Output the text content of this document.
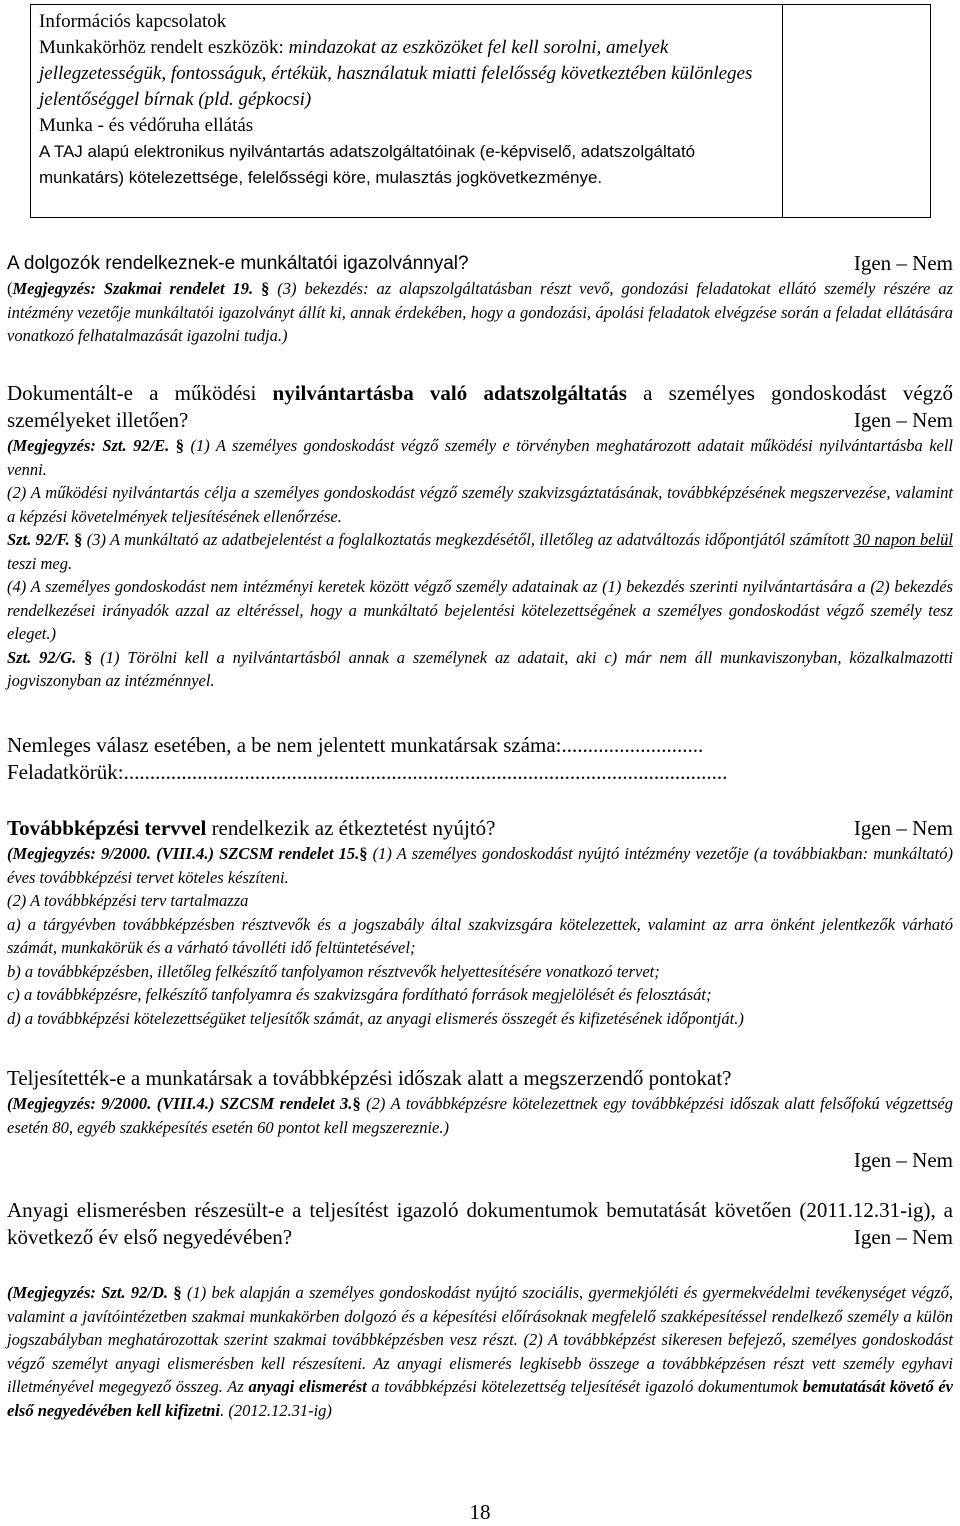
Információs kapcsolatok

Munkakörhöz rendelt eszközök: mindazokat az eszközöket fel kell sorolni, amelyek jellegzetességük, fontosságuk, értékük, használatuk miatti felelősség következtében különleges jelentőséggel bírnak (pld. gépkocsi)

Munka - és védőruha ellátás

A TAJ alapú elektronikus nyilvántartás adatszolgáltatóinak (e-képviselő, adatszolgáltató munkatárs) kötelezettsége, felelősségi köre, mulasztás jogkövetkezménye.

Igen – Nem
A dolgozók rendelkeznek-e munkáltatói igazolvánnyal?

(Megjegyzés: Szakmai rendelet 19. § (3) bekezdés: az alapszolgáltatásban részt vevő, gondozási feladatokat ellátó személy részére az intézmény vezetője munkáltatói igazolványt állít ki, annak érdekében, hogy a gondozási, ápolási feladatok elvégzése során a feladat ellátására vonatkozó felhatalmazását igazolni tudja.)

Dokumentált-e a működési nyilvántartásba való adatszolgáltatás a személyes gondoskodást végző személyeket illetően?	Igen – Nem

(Megjegyzés: Szt. 92/E. § (1) A személyes gondoskodást végző személy e törvényben meghatározott adatait működési nyilvántartásba kell venni.

(2) A működési nyilvántartás célja a személyes gondoskodást végző személy szakvizsgáztatásának, továbbképzésének megszervezése, valamint a képzési követelmények teljesítésének ellenőrzése.

Szt. 92/F. § (3) A munkáltató az adatbejelentést a foglalkoztatás megkezdésétől, illetőleg az adatváltozás időpontjától számított 30 napon belül teszi meg.

(4) A személyes gondoskodást nem intézményi keretek között végző személy adatainak az (1) bekezdés szerinti nyilvántartására a (2) bekezdés rendelkezései irányadók azzal az eltéréssel, hogy a munkáltató bejelentési kötelezettségének a személyes gondoskodást végző személy tesz eleget.)

Szt. 92/G. § (1) Törölni kell a nyilvántartásból annak a személynek az adatait, aki c) már nem áll munkaviszonyban, közalkalmazotti jogviszonyban az intézménnyel.

Nemleges válasz esetében, a be nem jelentett munkatársak száma:...........................

Feladatkörük:...................................................................................................................

Igen – Nem
Továbbképzési tervvel rendelkezik az étkeztetést nyújtó?

(Megjegyzés: 9/2000. (VIII.4.) SZCSM rendelet 15.§ (1) A személyes gondoskodást nyújtó intézmény vezetője (a továbbiakban: munkáltató) éves továbbképzési tervet köteles készíteni.

(2) A továbbképzési terv tartalmazza

a) a tárgyévben továbbképzésben résztvevők és a jogszabály által szakvizsgára kötelezettek, valamint az arra önként jelentkezők várható számát, munkakörük és a várható távolléti idő feltüntetésével;

b) a továbbképzésben, illetőleg felkészítő tanfolyamon résztvevők helyettesítésére vonatkozó tervet;

c) a továbbképzésre, felkészítő tanfolyamra és szakvizsgára fordítható források megjelölését és felosztását;

d) a továbbképzési kötelezettségüket teljesítők számát, az anyagi elismerés összegét és kifizetésének időpontját.)

Teljesítették-e a munkatársak a továbbképzési időszak alatt a megszerzendő pontokat?

(Megjegyzés: 9/2000. (VIII.4.) SZCSM rendelet 3.§ (2) A továbbképzésre kötelezettnek egy továbbképzési időszak alatt felsőfokú végzettség esetén 80, egyéb szakképesítés esetén 60 pontot kell megszereznie.)

Igen – Nem

Anyagi elismerésben részesült-e a teljesítést igazoló dokumentumok bemutatását követően (2011.12.31-ig), a következő év első negyedévében?	Igen – Nem

(Megjegyzés: Szt. 92/D. § (1) bek alapján a személyes gondoskodást nyújtó szociális, gyermekjóléti és gyermekvédelmi tevékenységet végző, valamint a javítóintézetben szakmai munkakörben dolgozó és a képesítési előírásoknak megfelelő szakképesítéssel rendelkező személy a külön jogszabályban meghatározottak szerint szakmai továbbképzésben vesz részt. (2) A továbbképzést sikeresen befejező, személyes gondoskodást végző személyt anyagi elismerésben kell részesíteni. Az anyagi elismerés legkisebb összege a továbbképzésen részt vett személy egyhavi illetményével megegyező összeg. Az anyagi elismerést a továbbképzési kötelezettség teljesítését igazoló dokumentumok bemutatását követő év első negyedévében kell kifizetni. (2012.12.31-ig)

18
